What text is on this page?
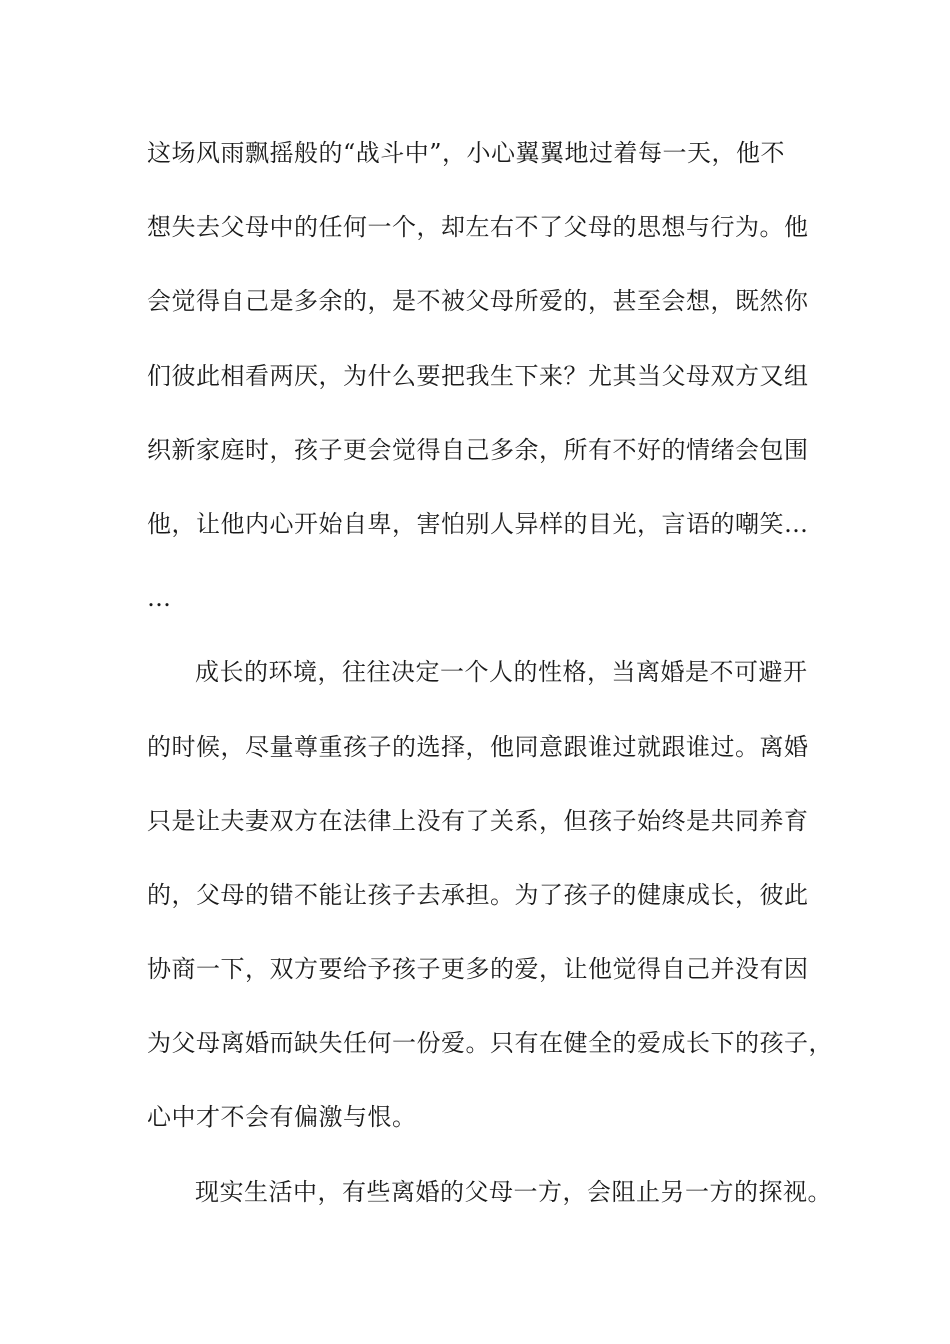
这场风雨飘摇般的“战斗中”，小心翼翼地过着每一天，他不
想失去父母中的任何一个，却左右不了父母的思想与行为。他
会觉得自己是多余的，是不被父母所爱的，甚至会想，既然你
们彼此相看两厌，为什么要把我生下来？尤其当父母双方又组
织新家庭时，孩子更会觉得自己多余，所有不好的情绪会包围
他，让他内心开始自卑，害怕别人异样的目光，言语的嘲笑…
…
成长的环境，往往决定一个人的性格，当离婚是不可避开
的时候，尽量尊重孩子的选择，他同意跟谁过就跟谁过。离婚
只是让夫妻双方在法律上没有了关系，但孩子始终是共同养育
的，父母的错不能让孩子去承担。为了孩子的健康成长，彼此
协商一下，双方要给予孩子更多的爱，让他觉得自己并没有因
为父母离婚而缺失任何一份爱。只有在健全的爱成长下的孩子，
心中才不会有偏激与恨。
现实生活中，有些离婚的父母一方，会阻止另一方的探视。
